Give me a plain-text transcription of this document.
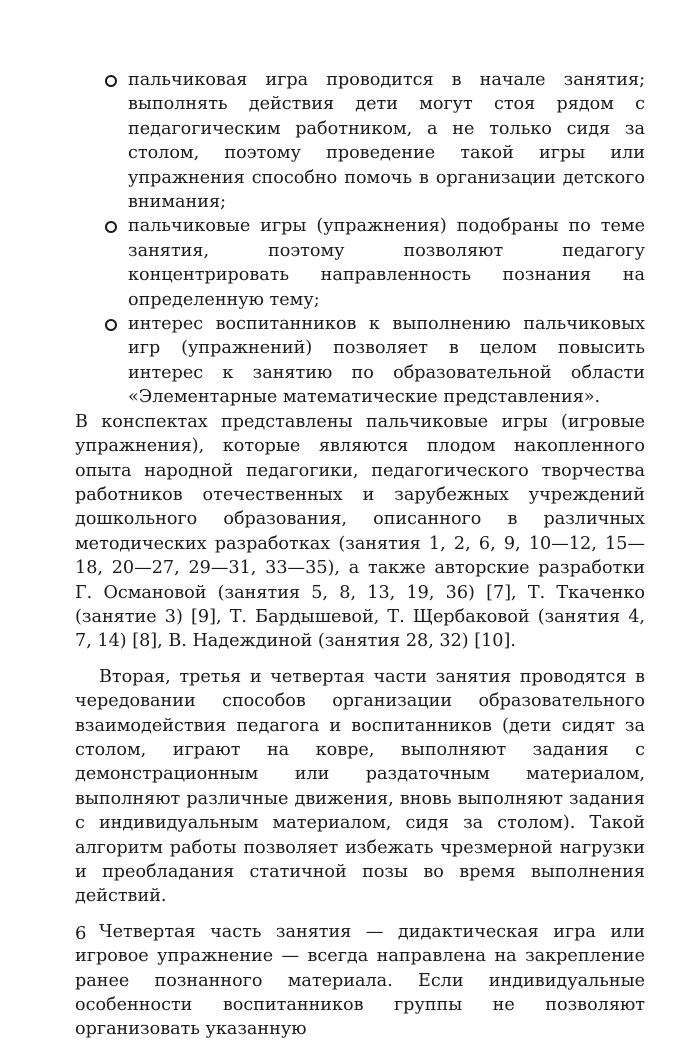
пальчиковая игра проводится в начале занятия; выполнять действия дети могут стоя рядом с педагогическим работником, а не только сидя за столом, поэтому проведение такой игры или упражнения способно помочь в организации детского внимания;
пальчиковые игры (упражнения) подобраны по теме занятия, поэтому позволяют педагогу концентрировать направленность познания на определенную тему;
интерес воспитанников к выполнению пальчиковых игр (упражнений) позволяет в целом повысить интерес к занятию по образовательной области «Элементарные математические представления».

В конспектах представлены пальчиковые игры (игровые упражнения), которые являются плодом накопленного опыта народной педагогики, педагогического творчества работников отечественных и зарубежных учреждений дошкольного образования, описанного в различных методических разработках (занятия 1, 2, 6, 9, 10—12, 15—18, 20—27, 29—31, 33—35), а также авторские разработки Г. Османовой (занятия 5, 8, 13, 19, 36) [7], Т. Ткаченко (занятие 3) [9], Т. Бардышевой, Т. Щербаковой (занятия 4, 7, 14) [8], В. Надеждиной (занятия 28, 32) [10].

Вторая, третья и четвертая части занятия проводятся в чередовании способов организации образовательного взаимодействия педагога и воспитанников (дети сидят за столом, играют на ковре, выполняют задания с демонстрационным или раздаточным материалом, выполняют различные движения, вновь выполняют задания с индивидуальным материалом, сидя за столом). Такой алгоритм работы позволяет избежать чрезмерной нагрузки и преобладания статичной позы во время выполнения действий.

Четвертая часть занятия — дидактическая игра или игровое упражнение — всегда направлена на закрепление ранее познанного материала. Если индивидуальные особенности воспитанников группы не позволяют организовать указанную

6
